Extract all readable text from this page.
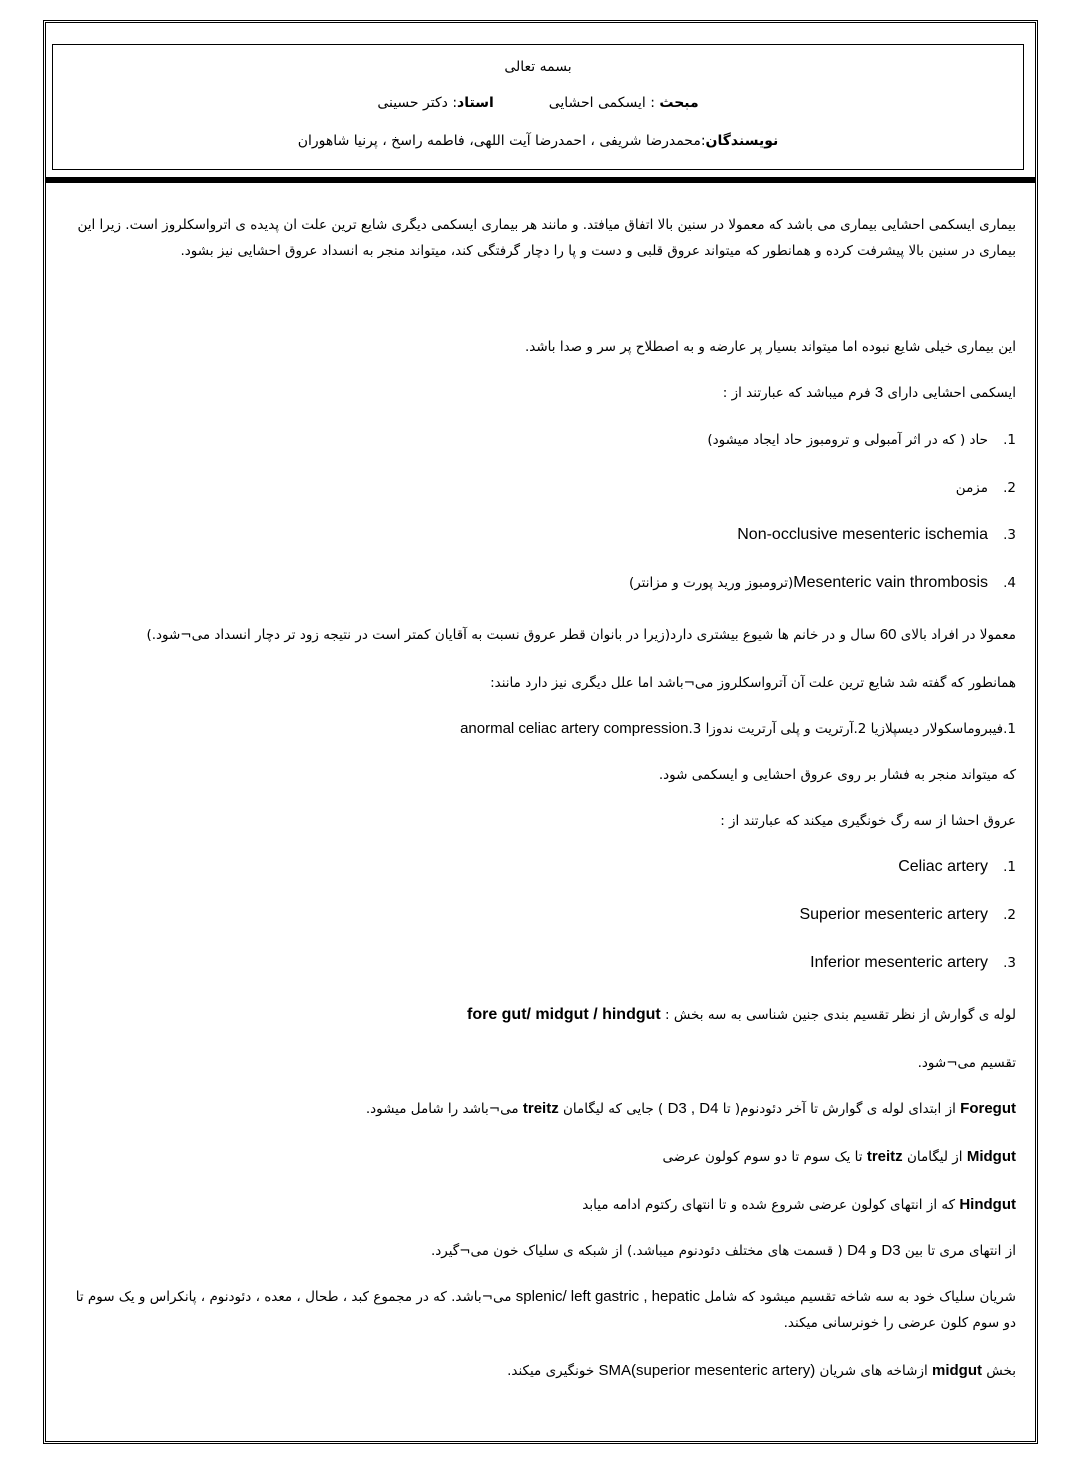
بسمه تعالی
مبحث : ایسکمی احشایی  استاد: دکتر حسینی
نویسندگان:محمدرضا شریفی ، احمدرضا آیت اللهی، فاطمه راسخ ، پرنیا شاهوران
بیماری ایسکمی احشایی بیماری می باشد که معمولا در سنین بالا اتفاق میافتد. و مانند هر بیماری ایسکمی دیگری شایع ترین علت ان پدیده ی اترواسکلروز است. زیرا این بیماری در سنین بالا پیشرفت کرده و همانطور که میتواند عروق قلبی و دست و پا را دچار گرفتگی کند، میتواند منجر به انسداد عروق احشایی نیز بشود.
این بیماری خیلی شایع نبوده اما میتواند بسیار پر عارضه و به اصطلاح پر سر و صدا باشد.
ایسکمی احشایی دارای 3 فرم میباشد که عبارتند از :
1.
حاد ( که در اثر آمبولی و ترومبوز حاد ایجاد میشود)
2.
مزمن
3.
Non-occlusive mesenteric ischemia
4.
Mesenteric vain thrombosis
(ترومبوز ورید پورت و مزانتر)
معمولا در افراد بالای 60 سال و در خانم ها شیوع بیشتری دارد(زیرا در بانوان قطر عروق نسبت به آقایان کمتر است در نتیجه زود تر دچار انسداد می¬شود.)
همانطور که گفته شد شایع ترین علت آن آترواسکلروز می¬باشد اما علل دیگری نیز دارد مانند:
1.فیبروماسکولار دیسپلازیا 2.آرتریت و پلی آرتریت ندوزا 3.anormal celiac artery compression
که میتواند منجر به فشار بر روی عروق احشایی و ایسکمی شود.
عروق احشا از سه رگ خونگیری میکند که عبارتند از :
1.
Celiac artery
2.
Superior mesenteric artery
3.
Inferior mesenteric artery
لوله ی گوارش از نظر تقسیم بندی جنین شناسی به سه بخش : fore gut/ midgut / hindgut
تقسیم می¬شود.
Foregut از ابتدای لوله ی گوارش تا آخر دئودنوم( تا D3 , D4 ) جایی که لیگامان treitz می¬باشد را شامل میشود.
Midgut از لیگامان treitz تا یک سوم تا دو سوم کولون عرضی
Hindgut که از انتهای کولون عرضی شروع شده و تا انتهای رکتوم ادامه میابد
از انتهای مری تا بین D3 و D4 ( قسمت های مختلف دئودنوم میباشد.) از شبکه ی سلیاک خون می¬گیرد.
شریان سلیاک خود به سه شاخه تقسیم میشود که شامل splenic/ left gastric , hepatic می¬باشد. که در مجموع کبد ، طحال ، معده ، دئودنوم ، پانکراس و یک سوم تا دو سوم کلون عرضی را خونرسانی میکند.
بخش midgut ازشاخه های شریان SMA(superior mesenteric artery) خونگیری میکند.
